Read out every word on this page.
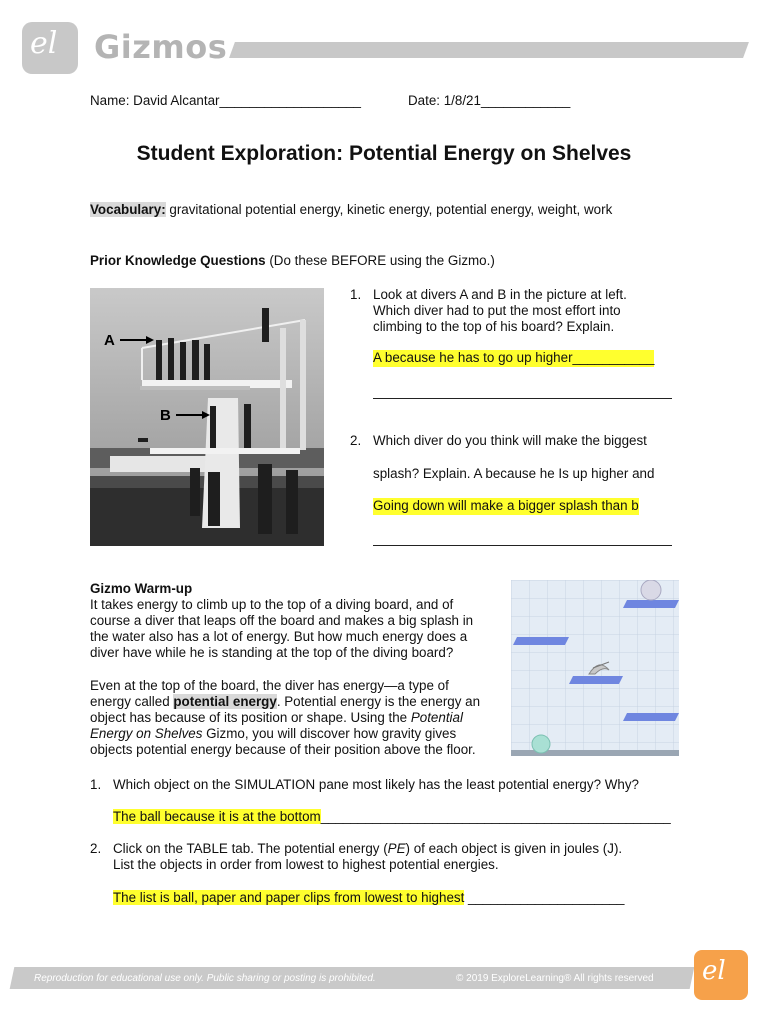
el Gizmos
Name: David Alcantar___________________	Date: 1/8/21____________
Student Exploration: Potential Energy on Shelves
Vocabulary: gravitational potential energy, kinetic energy, potential energy, weight, work
Prior Knowledge Questions (Do these BEFORE using the Gizmo.)
A
B
1. Look at divers A and B in the picture at left.
Which diver had to put the most effort into
climbing to the top of his board? Explain.
A because he has to go up higher___________
2. Which diver do you think will make the biggest
splash? Explain. A because he Is up higher and
Going down will make a bigger splash than b
Gizmo Warm-up
It takes energy to climb up to the top of a diving board, and of
course a diver that leaps off the board and makes a big splash in
the water also has a lot of energy. But how much energy does a
diver have while he is standing at the top of the diving board?
Even at the top of the board, the diver has energy—a type of
energy called potential energy. Potential energy is the energy an
object has because of its position or shape. Using the Potential
Energy on Shelves Gizmo, you will discover how gravity gives
objects potential energy because of their position above the floor.
1. Which object on the SIMULATION pane most likely has the least potential energy? Why?
The ball because it is at the bottom_______________________________________________
2. Click on the TABLE tab. The potential energy (PE) of each object is given in joules (J).
List the objects in order from lowest to highest potential energies.
The list is ball, paper and paper clips from lowest to highest _____________________
Reproduction for educational use only. Public sharing or posting is prohibited.	© 2019 ExploreLearning® All rights reserved el
